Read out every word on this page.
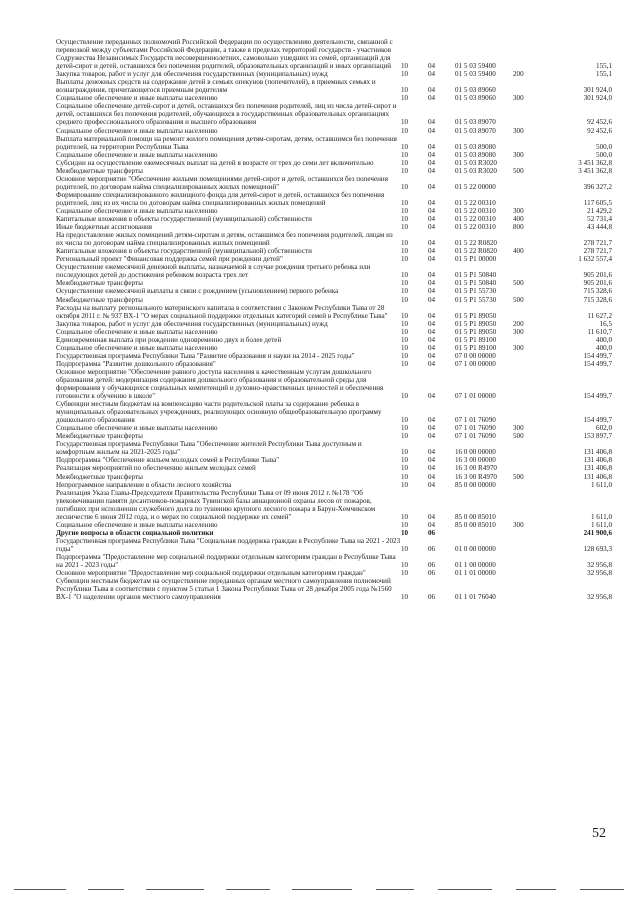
Осуществление переданных полномочий Российской Федерации по осуществлению деятельности, связанной с перевозкой между субъектами Российской Федерации, а также в пределах территорий государств - участников Содружества Независимых Государств несовершеннолетних, самовольно ушедших из семей, организаций для детей-сирот и детей, оставшихся без попечения родителей, образовательных организаций и иных организаций	10	04	01 5 03 59400		155,1
Закупка товаров, работ и услуг для обеспечения государственных (муниципальных) нужд	10	04	01 5 03 59400	200	155,1
Выплаты денежных средств на содержание детей в семьях опекунов (попечителей), в приемных семьях и вознаграждения, причитающегося приемным родителям	10	04	01 5 03 89060		301 924,0
Социальное обеспечение и иные выплаты населению	10	04	01 5 03 89060	300	301 924,0
Социальное обеспечение детей-сирот и детей, оставшихся без попечения родителей, лиц из числа детей-сирот и детей, оставшихся без попечения родителей, обучающихся в государственных образовательных организациях среднего профессионального образования и высшего образования	10	04	01 5 03 89070		92 452,6
Социальное обеспечение и иные выплаты населению	10	04	01 5 03 89070	300	92 452,6
Выплата материальной помощи на ремонт жилого помещения детям-сиротам, детям, оставшимся без попечения родителей, на территории Республики Тыва	10	04	01 5 03 89080		500,0
Социальное обеспечение и иные выплаты населению	10	04	01 5 03 89080	300	500,0
Субсидии на осуществление ежемесячных выплат на детей в возрасте от трех до семи лет включительно	10	04	01 5 03 R3020		3 451 362,8
Межбюджетные трансферты	10	04	01 5 03 R3020	500	3 451 362,8
Основное мероприятие "Обеспечение жилыми помещениями детей-сирот и детей, оставшихся без попечения родителей, по договорам найма специализированных жилых помещений"	10	04	01 5 22 00000		396 327,2
Формирование специализированного жилищного фонда для детей-сирот и детей, оставшихся без попечения родителей, лиц из их числа по договорам найма специализированных жилых помещений	10	04	01 5 22 00310		117 605,5
Социальное обеспечение и иные выплаты населению	10	04	01 5 22 00310	300	21 429,2
Капитальные вложения в объекты государственной (муниципальной) собственности	10	04	01 5 22 00310	400	52 731,4
Иные бюджетные ассигнования	10	04	01 5 22 00310	800	43 444,8
На предоставление жилых помещений детям-сиротам и детям, оставшимся без попечения родителей, лицам из их числа по договорам найма специализированных жилых помещений	10	04	01 5 22 R0820		278 721,7
Капитальные вложения в объекты государственной (муниципальной) собственности	10	04	01 5 22 R0820	400	278 721,7
Региональный проект "Финансовая поддержка семей при рождении детей"	10	04	01 5 P1 00000		1 632 557,4
Осуществление ежемесячной денежной выплаты, назначаемой в случае рождения третьего ребенка или последующих детей до достижения ребенком возраста трех лет	10	04	01 5 P1 50840		905 201,6
Межбюджетные трансферты	10	04	01 5 P1 50840	500	905 201,6
Осуществление ежемесячной выплаты в связи с рождением (усыновлением) первого ребенка	10	04	01 5 P1 55730		715 328,6
Межбюджетные трансферты	10	04	01 5 P1 55730	500	715 328,6
Расходы на выплату регионального материнского капитала в соответствии с Законом Республики Тыва от 28 октября 2011 г. № 937 ВХ-1 "О мерах социальной поддержки отдельных категорий семей в Республике Тыва"	10	04	01 5 P1 89050		11 627,2
Закупка товаров, работ и услуг для обеспечения государственных (муниципальных) нужд	10	04	01 5 P1 89050	200	16,5
Социальное обеспечение и иные выплаты населению	10	04	01 5 P1 89050	300	11 610,7
Единовременная выплата при рождении одновременно двух и более детей	10	04	01 5 P1 89100		400,0
Социальное обеспечение и иные выплаты населению	10	04	01 5 P1 89100	300	400,0
Государственная программа Республики Тыва "Развитие образования и науки на 2014 - 2025 годы"	10	04	07 0 00 00000		154 499,7
Подпрограмма "Развитие дошкольного образования"	10	04	07 1 00 00000		154 499,7
Основное мероприятие "Обеспечение равного доступа населения к качественным услугам дошкольного образования детей: модернизация содержания дошкольного образования и образовательной среды для формирования у обучающихся социальных компетенций и духовно-нравственных ценностей и обеспечения готовности к обучению в школе"	10	04	07 1 01 00000		154 499,7
Субвенции местным бюджетам на компенсацию части родительской платы за содержание ребенка в муниципальных образовательных учреждениях, реализующих основную общеобразовательную программу дошкольного образования	10	04	07 1 01 76090		154 499,7
Социальное обеспечение и иные выплаты населению	10	04	07 1 01 76090	300	602,0
Межбюджетные трансферты	10	04	07 1 01 76090	500	153 897,7
Государственная программа Республики Тыва "Обеспечение жителей Республики Тыва доступным и комфортным жильем на 2021-2025 годы"	10	04	16 0 00 00000		131 406,8
Подпрограмма "Обеспечение жильем молодых семей в Республике Тыва"	10	04	16 3 00 00000		131 406,8
Реализация мероприятий по обеспечению жильем молодых семей	10	04	16 3 00 R4970		131 406,8
Межбюджетные трансферты	10	04	16 3 00 R4970	500	131 406,8
Непрограммное направление в области лесного хозяйства	10	04	85 0 00 00000		1 611,0
Реализация Указа Главы-Председателя Правительства Республики Тыва от 09 июня 2012 г. №178 "Об увековечивании памяти десантников-пожарных Тувинской базы авиационной охраны лесов от пожаров, погибших при исполнении служебного долга по тушению крупного лесного пожара в Барун-Хемчикском лесничестве 6 июня 2012 года, и о мерах по социальной поддержке их семей"	10	04	85 0 00 85010		1 611,0
Социальное обеспечение и иные выплаты населению	10	04	85 0 00 85010	300	1 611,0
Другие вопросы в области социальной политики	10	06			241 900,6
Государственная программа Республики Тыва "Социальная поддержка граждан в Республике Тыва на 2021 - 2023 годы"	10	06	01 0 00 00000		128 693,3
Подпрограмма "Предоставление мер социальной поддержки отдельным категориям граждан в Республике Тыва на 2021 - 2023 годы"	10	06	01 1 00 00000		32 956,8
Основное мероприятие "Предоставление мер социальной поддержки отдельным категориям граждан"	10	06	01 1 01 00000		32 956,8
Субвенции местным бюджетам на осуществление переданных органам местного самоуправления полномочий Республики Тыва в соответствии с пунктом 5 статьи 1 Закона Республики Тыва от 28 декабря 2005 года №1560 ВХ-1 "О наделении органов местного самоуправления	10	06	01 1 01 76040		32 956,8
52
